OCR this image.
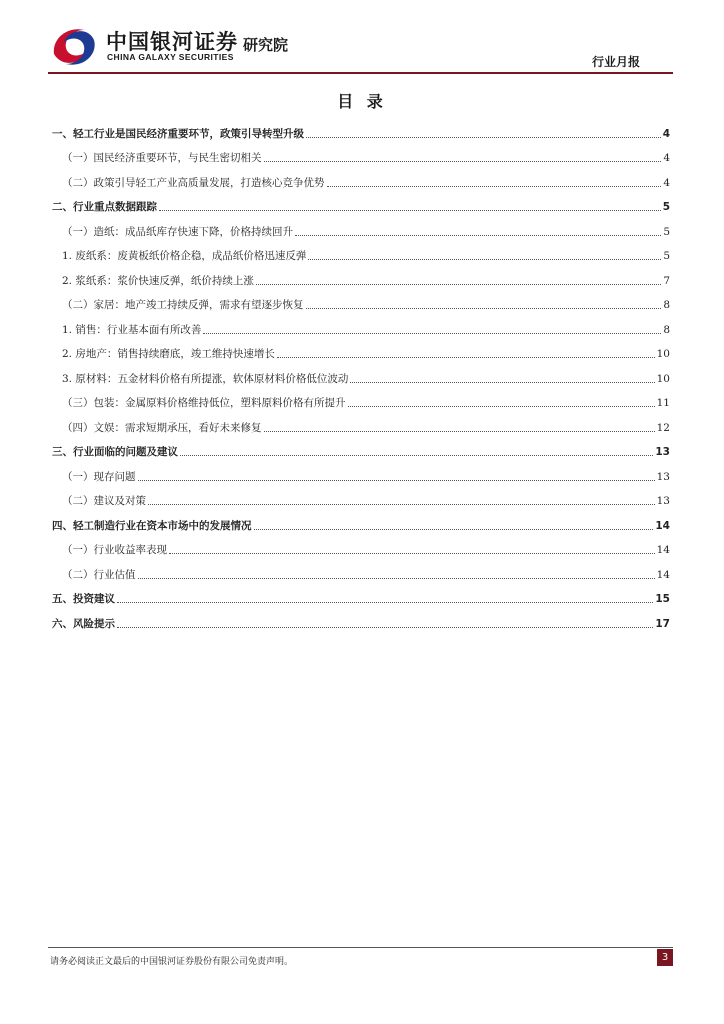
中国银河证券
CHINA GALAXY SECURITIES
研究院
行业月报
目 录
一、轻工行业是国民经济重要环节，政策引导转型升级	4
（一）国民经济重要环节，与民生密切相关	4
（二）政策引导轻工产业高质量发展，打造核心竞争优势	4
二、行业重点数据跟踪	5
（一）造纸：成品纸库存快速下降，价格持续回升	5
1. 废纸系：废黄板纸价格企稳，成品纸价格迅速反弹	5
2. 浆纸系：浆价快速反弹，纸价持续上涨	7
（二）家居：地产竣工持续反弹，需求有望逐步恢复	8
1. 销售：行业基本面有所改善	8
2. 房地产：销售持续磨底，竣工维持快速增长	10
3. 原材料：五金材料价格有所提涨，软体原材料价格低位波动	10
（三）包装：金属原料价格维持低位，塑料原料价格有所提升	11
（四）文娱：需求短期承压，看好未来修复	12
三、行业面临的问题及建议	13
（一）现存问题	13
（二）建议及对策	13
四、轻工制造行业在资本市场中的发展情况	14
（一）行业收益率表现	14
（二）行业估值	14
五、投资建议	15
六、风险提示	17
请务必阅读正文最后的中国银河证券股份有限公司免责声明。	3
